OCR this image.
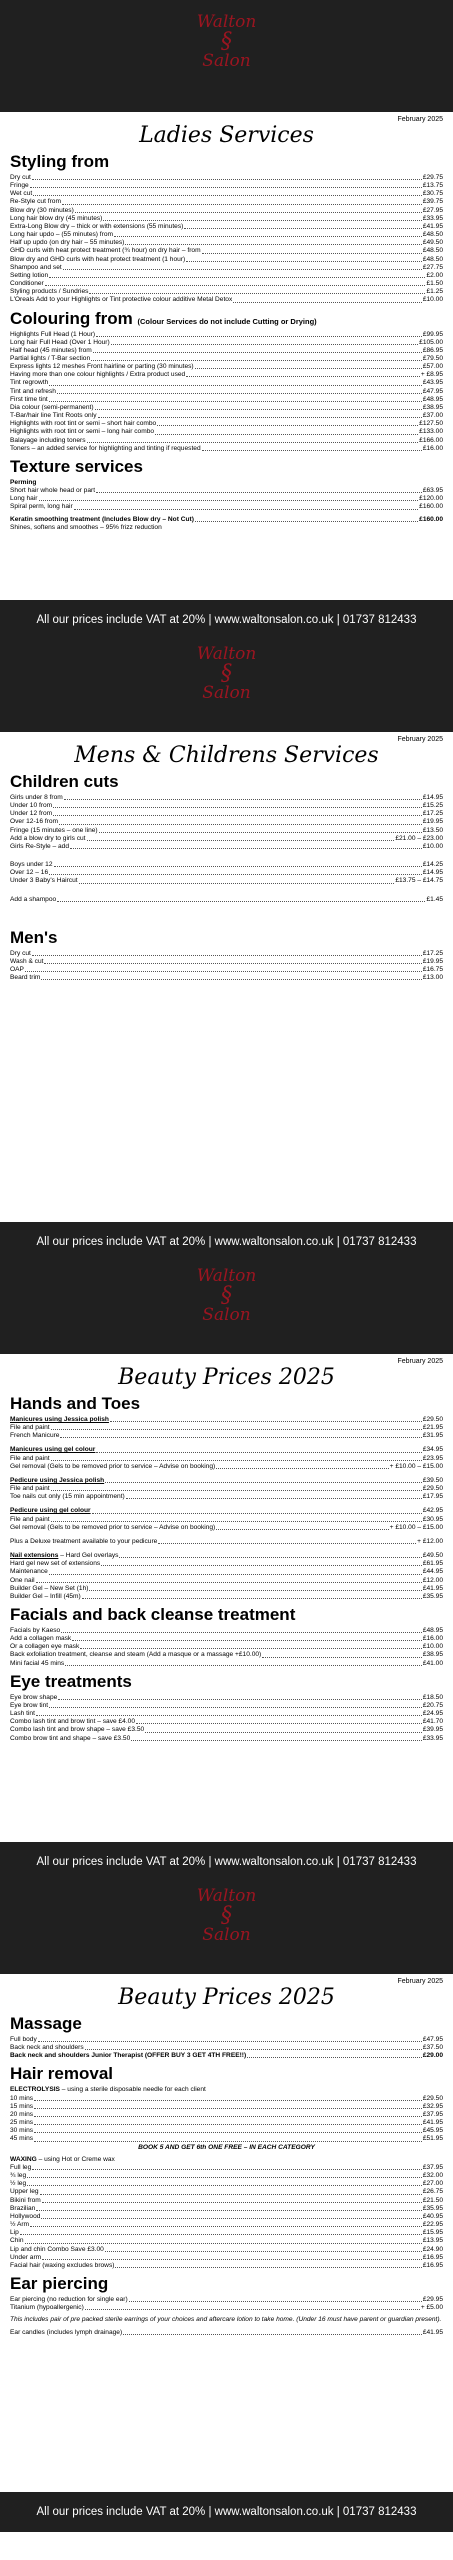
Walton
§
Salon

February 2025

Ladies Services
Styling from
Dry cut	£29.75
Fringe	£13.75
Wet cut	£30.75
Re-Style cut from	£39.75
Blow dry (30 minutes)	£27.95
Long hair blow dry (45 minutes)	£33.95
Extra-Long Blow dry – thick or with extensions (55 minutes)	£41.95
Long hair updo – (55 minutes) from	£48.50
Half up updo (on dry hair – 55 minutes)	£49.50
GHD curls with heat protect treatment (¾ hour) on dry hair – from	£48.50
Blow dry and GHD curls with heat protect treatment (1 hour)	£48.50
Shampoo and set	£27.75
Setting lotion	£2.00
Conditioner	£1.50
Styling products / Sundries	£1.25
L'Oreals Add to your Highlights or Tint protective colour additive Metal Detox	£10.00
Colouring from (Colour Services do not include Cutting or Drying)
Highlights Full Head (1 Hour)	£99.95
Long hair Full Head (Over 1 Hour)	£105.00
Half head (45 minutes) from	£86.95
Partial lights / T-Bar section	£79.50
Express lights 12 meshes Front hairline or parting (30 minutes)	£57.00
Having more than one colour highlights / Extra product used	+ £8.95
Tint regrowth	£43.95
Tint and refresh	£47.95
First time tint	£48.95
Dia colour (semi-permanent)	£38.95
T-Bar/hair line Tint Roots only	£37.00
Highlights with root tint or semi – short hair combo	£127.50
Highlights with root tint or semi – long hair combo	£133.00
Balayage including toners	£166.00
Toners – an added service for highlighting and tinting if requested	£16.00
Texture services
Perming
Short hair whole head or part	£63.95
Long hair	£120.00
Spiral perm, long hair	£160.00
Keratin smoothing treatment (Includes Blow dry – Not Cut)	£160.00
Shines, softens and smoothes – 95% frizz reduction
All our prices include VAT at 20% | www.waltonsalon.co.uk | 01737 812433
Walton
§
Salon

February 2025

Mens & Childrens Services
Children cuts
Girls under 8 from	£14.95
Under 10 from	£15.25
Under 12 from	£17.25
Over 12-16 from	£19.95
Fringe (15 minutes – one line)	£13.50
Add a blow dry to girls cut	£21.00 – £23.00
Girls Re-Style – add	£10.00
Boys under 12	£14.25
Over 12 – 16	£14.95
Under 3 Baby's Haircut	£13.75 – £14.75
Add a shampoo	£1.45
Men's
Dry cut	£17.25
Wash & cut	£19.95
OAP	£16.75
Beard trim	£13.00
All our prices include VAT at 20% | www.waltonsalon.co.uk | 01737 812433
Walton
§
Salon

February 2025

Beauty Prices 2025
Hands and Toes
Manicures using Jessica polish	£29.50
File and paint	£21.95
French Manicure	£31.95
Manicures using gel colour	£34.95
File and paint	£23.95
Gel removal (Gels to be removed prior to service – Advise on booking)	+ £10.00 – £15.00
Pedicure using Jessica polish	£39.50
File and paint	£29.50
Toe nails cut only (15 min appointment)	£17.95
Pedicure using gel colour	£42.95
File and paint	£30.95
Gel removal (Gels to be removed prior to service – Advise on booking)	+ £10.00 – £15.00
Plus a Deluxe treatment available to your pedicure	+ £12.00
Nail extensions – Hard Gel overlays	£49.50
Hard gel new set of extensions	£61.95
Maintenance	£44.95
One nail	£12.00
Builder Gel – New Set (1h)	£41.95
Builder Gel – Infill (45m)	£35.95
Facials and back cleanse treatment
Facials by Kaeso	£48.95
Add a collagen mask	£16.00
Or a collagen eye mask	£10.00
Back exfoliation treatment, cleanse and steam (Add a masque or a massage +£10.00)	£38.95
Mini facial 45 mins	£41.00
Eye treatments
Eye brow shape	£18.50
Eye brow tint	£20.75
Lash tint	£24.95
Combo lash tint and brow tint – save £4.00	£41.70
Combo lash tint and brow shape – save £3.50	£39.95
Combo brow tint and shape – save £3.50	£33.95
All our prices include VAT at 20% | www.waltonsalon.co.uk | 01737 812433
Walton
§
Salon

February 2025

Beauty Prices 2025
Massage
Full body	£47.95
Back neck and shoulders	£37.50
Back neck and shoulders Junior Therapist (OFFER BUY 3 GET 4TH FREE!!)	£29.00
Hair removal
ELECTROLYSIS – using a sterile disposable needle for each client
10 mins	£29.50
15 mins	£32.95
20 mins	£37.95
25 mins	£41.95
30 mins	£45.95
45 mins	£51.95
BOOK 5 AND GET 6th ONE FREE – IN EACH CATEGORY
WAXING – using Hot or Creme wax
Full leg	£37.95
¾ leg	£32.00
½ leg	£27.00
Upper leg	£26.75
Bikini from	£21.50
Brazilian	£35.95
Hollywood	£40.95
½ Arm	£22.95
Lip	£15.95
Chin	£13.95
Lip and chin Combo Save £3.00	£24.90
Under arm	£16.95
Facial hair (waxing excludes brows)	£16.95
Ear piercing
Ear piercing (no reduction for single ear)	£29.95
Titanium (hypoallergenic)	+ £5.00
This includes pair of pre packed sterile earrings of your choices and aftercare lotion to take home. (Under 16 must have parent or guardian present).
Ear candles (includes lymph drainage)	£41.95
All our prices include VAT at 20% | www.waltonsalon.co.uk | 01737 812433
